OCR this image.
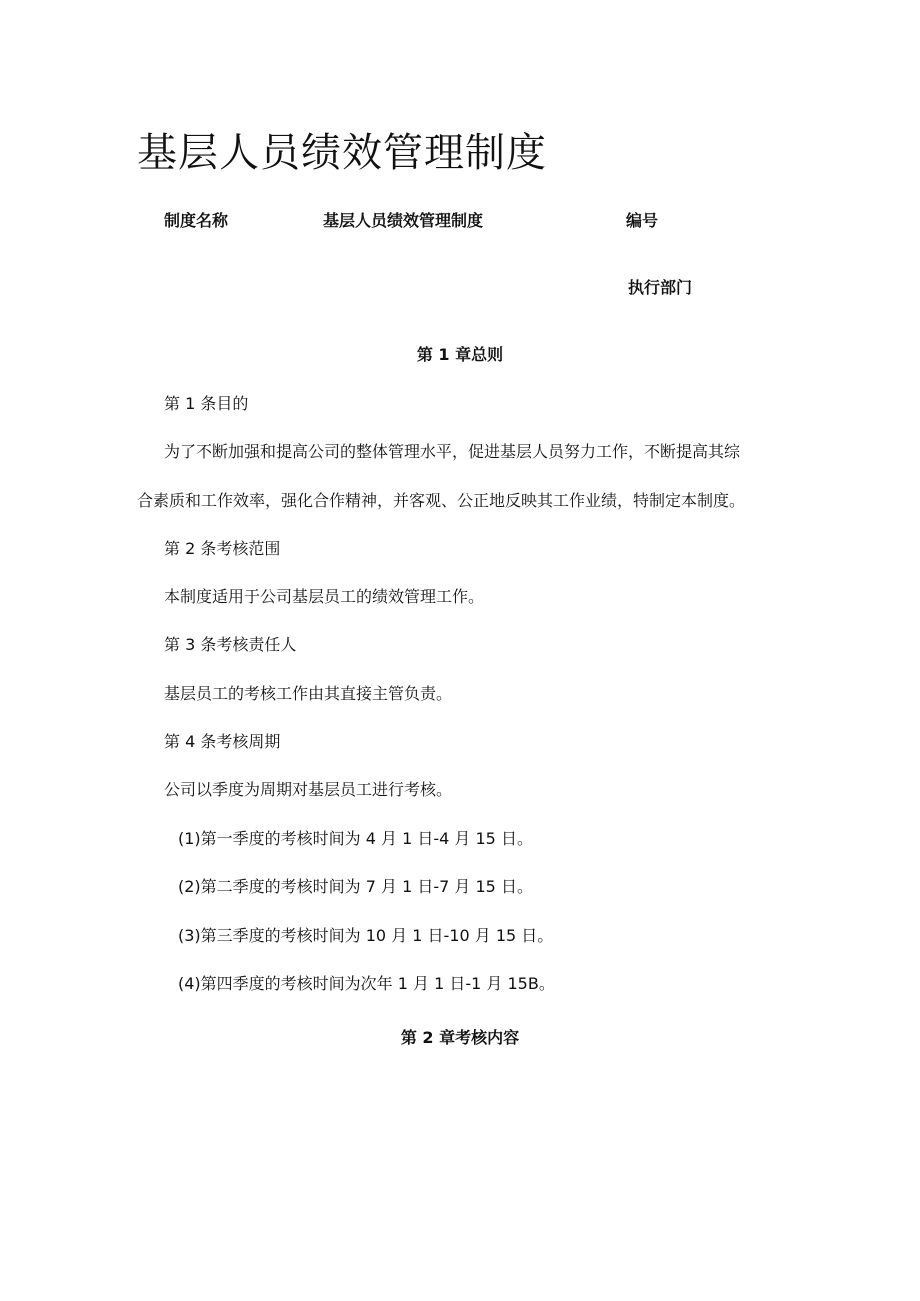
基层人员绩效管理制度
制度名称	基层人员绩效管理制度	编号
执行部门
第 1 章总则
第 1 条目的
为了不断加强和提高公司的整体管理水平，促进基层人员努力工作，不断提高其综
合素质和工作效率，强化合作精神，并客观、公正地反映其工作业绩，特制定本制度。
第 2 条考核范围
本制度适用于公司基层员工的绩效管理工作。
第 3 条考核责任人
基层员工的考核工作由其直接主管负责。
第 4 条考核周期
公司以季度为周期对基层员工进行考核。
(1)第一季度的考核时间为 4 月 1 日-4 月 15 日。
(2)第二季度的考核时间为 7 月 1 日-7 月 15 日。
(3)第三季度的考核时间为 10 月 1 日-10 月 15 日。
(4)第四季度的考核时间为次年 1 月 1 日-1 月 15B。
第 2 章考核内容
